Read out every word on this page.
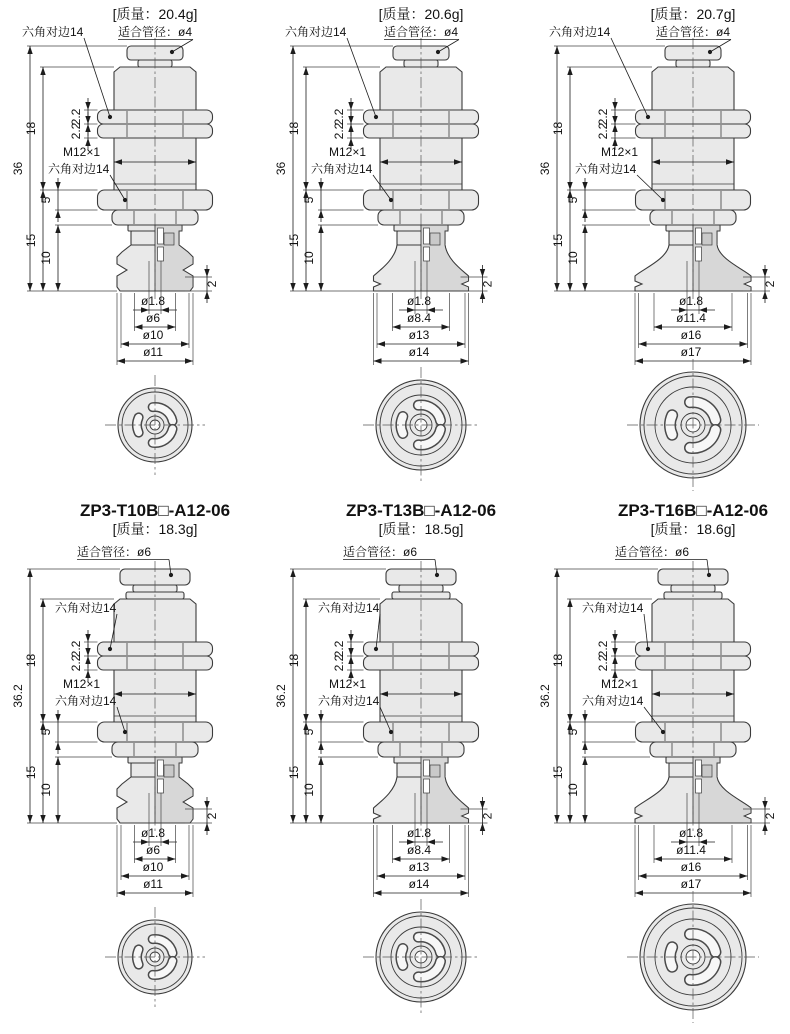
36
18
15
5
10
2.2
2.2
2
M12×1
ø1.8
ø6
ø10
ø11
[质量：20.4g]
六角对边14	适合管径：ø4
六角对边14	36
18
15
5
10
2.2
2.2
2
M12×1
ø1.8
ø8.4
ø13
ø14
[质量：20.6g]
六角对边14	适合管径：ø4
六角对边14	36
18
15
5
10
2.2
2.2
2
M12×1
ø1.8
ø11.4
ø16
ø17
[质量：20.7g]
六角对边14	适合管径：ø4
六角对边14
36.2
18
15
5
10
2.2
2.2
2
M12×1
ø1.8
ø6
ø10
ø11
ZP3-T10B□-A12-06
[质量：18.3g]
适合管径：ø6
六角对边14
六角对边14	36.2
18
15
5
10
2.2
2.2
2
M12×1
ø1.8
ø8.4
ø13
ø14
ZP3-T13B□-A12-06
[质量：18.5g]
适合管径：ø6
六角对边14
六角对边14	36.2
18
15
5
10
2.2
2.2
2
M12×1
ø1.8
ø11.4
ø16
ø17
ZP3-T16B□-A12-06
[质量：18.6g]
适合管径：ø6
六角对边14
六角对边14
